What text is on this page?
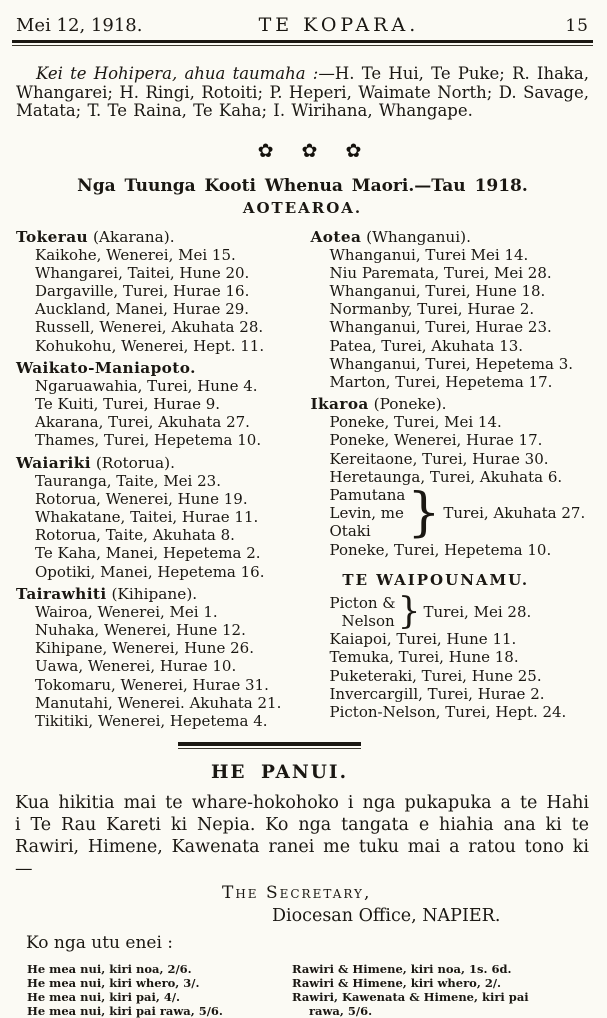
Mei 12, 1918.	TE KOPARA.	15

Kei te Hohipera, ahua taumaha :—H. Te Hui, Te Puke; R. Ihaka, Whangarei; H. Ringi, Rotoiti; P. Heperi, Waimate North; D. Savage, Matata; T. Te Raina, Te Kaha; I. Wirihana, Whangape.

✿ ✿ ✿
Nga Tuunga Kooti Whenua Maori.—Tau 1918.
AOTEAROA.
Tokerau (Akarana).
Kaikohe, Wenerei, Mei 15.
Whangarei, Taitei, Hune 20.
Dargaville, Turei, Hurae 16.
Auckland, Manei, Hurae 29.
Russell, Wenerei, Akuhata 28.
Kohukohu, Wenerei, Hept. 11.
Waikato-Maniapoto.
Ngaruawahia, Turei, Hune 4.
Te Kuiti, Turei, Hurae 9.
Akarana, Turei, Akuhata 27.
Thames, Turei, Hepetema 10.
Waiariki (Rotorua).
Tauranga, Taite, Mei 23.
Rotorua, Wenerei, Hune 19.
Whakatane, Taitei, Hurae 11.
Rotorua, Taite, Akuhata 8.
Te Kaha, Manei, Hepetema 2.
Opotiki, Manei, Hepetema 16.
Tairawhiti (Kihipane).
Wairoa, Wenerei, Mei 1.
Nuhaka, Wenerei, Hune 12.
Kihipane, Wenerei, Hune 26.
Uawa, Wenerei, Hurae 10.
Tokomaru, Wenerei, Hurae 31.
Manutahi, Wenerei. Akuhata 21.
Tikitiki, Wenerei, Hepetema 4.
Aotea (Whanganui).
Whanganui, Turei Mei 14.
Niu Paremata, Turei, Mei 28.
Whanganui, Turei, Hune 18.
Normanby, Turei, Hurae 2.
Whanganui, Turei, Hurae 23.
Patea, Turei, Akuhata 13.
Whanganui, Turei, Hepetema 3.
Marton, Turei, Hepetema 17.
Ikaroa (Poneke).
Poneke, Turei, Mei 14.
Poneke, Wenerei, Hurae 17.
Kereitaone, Turei, Hurae 30.
Heretaunga, Turei, Akuhata 6.
Pamutana
Levin, me
Otaki } Turei, Akuhata 27.
Poneke, Turei, Hepetema 10.
TE WAIPOUNAMU.
Picton &
Nelson } Turei, Mei 28.
Kaiapoi, Turei, Hune 11.
Temuka, Turei, Hune 18.
Puketeraki, Turei, Hune 25.
Invercargill, Turei, Hurae 2.
Picton-Nelson, Turei, Hept. 24.
HE PANUI.

Kua hikitia mai te whare-hokohoko i nga pukapuka a te Hahi i Te Rau Kareti ki Nepia. Ko nga tangata e hiahia ana ki te Rawiri, Himene, Kawenata ranei me tuku mai a ratou tono ki—

The Secretary,
Diocesan Office, NAPIER.
Ko nga utu enei :
He mea nui, kiri noa, 2/6.
He mea nui, kiri whero, 3/.
He mea nui, kiri pai, 4/.
He mea nui, kiri pai rawa, 5/6.
Rawiri & Himene, kiri noa, 1s. 6d.
Rawiri & Himene, kiri whero, 2/.
Rawiri, Kawenata & Himene, kiri pai rawa, 5/6.
